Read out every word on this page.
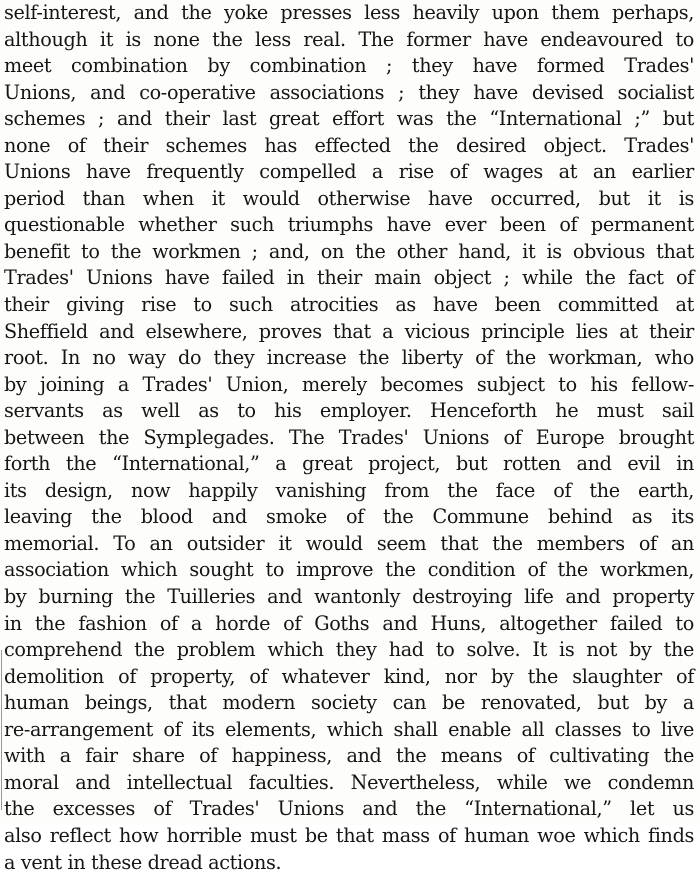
self-interest, and the yoke presses less heavily upon them perhaps,
although it is none the less real. The former have endeavoured to
meet combination by combination ; they have formed Trades'
Unions, and co-operative associations ; they have devised socialist
schemes ; and their last great effort was the “International ;” but
none of their schemes has effected the desired object. Trades'
Unions have frequently compelled a rise of wages at an earlier
period than when it would otherwise have occurred, but it is
questionable whether such triumphs have ever been of permanent
benefit to the workmen ; and, on the other hand, it is obvious that
Trades' Unions have failed in their main object ; while the fact of
their giving rise to such atrocities as have been committed at
Sheffield and elsewhere, proves that a vicious principle lies at their
root. In no way do they increase the liberty of the workman, who
by joining a Trades' Union, merely becomes subject to his fellow-
servants as well as to his employer. Henceforth he must sail
between the Symplegades. The Trades' Unions of Europe brought
forth the “International,” a great project, but rotten and evil in
its design, now happily vanishing from the face of the earth,
leaving the blood and smoke of the Commune behind as its
memorial. To an outsider it would seem that the members of an
association which sought to improve the condition of the workmen,
by burning the Tuilleries and wantonly destroying life and property
in the fashion of a horde of Goths and Huns, altogether failed to
comprehend the problem which they had to solve. It is not by the
demolition of property, of whatever kind, nor by the slaughter of
human beings, that modern society can be renovated, but by a
re-arrangement of its elements, which shall enable all classes to live
with a fair share of happiness, and the means of cultivating the
moral and intellectual faculties. Nevertheless, while we condemn
the excesses of Trades' Unions and the “International,” let us
also reflect how horrible must be that mass of human woe which finds
a vent in these dread actions.
